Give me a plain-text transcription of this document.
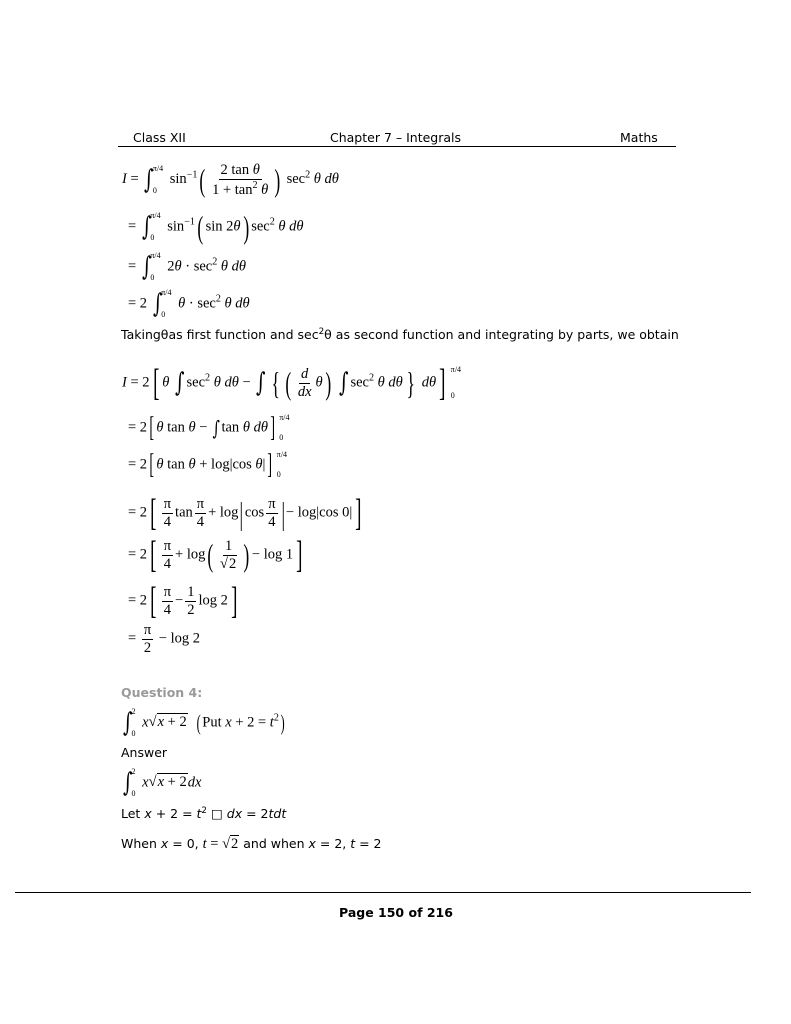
Class XII	Chapter 7 – Integrals	Maths
I = ∫ π/4
0
$\sin^{-1}( \frac{\text{2 tan θ}}{1 + \tan^2 \theta}$ ) $\sec^2 \theta$ dθ
= ∫ π/4
0
$\sin^{-1}$( sin 2θ) $\sec^2 \theta$ dθ
= ∫ π/4
0
$2\theta \cdot \sec^2 \theta$ dθ
= 2 ∫ π/4
0
$\theta \cdot \sec^2 \theta$ dθ
Takingθas first function and $\sec^2\theta$ as second function and integrating by parts, we obtain
I = 2[ θ ∫ $\sec^2 \theta$ dθ − ∫ { ( $\frac{d}{dx} \theta$) ∫ $\sec^2 \theta$ dθ } dθ] π/4
0
= 2[ θ tan θ − ∫ tan θ dθ] π/4
0
= 2[ θ tan θ + log|cos θ|] π/4
0
= $2[ \frac{\pi}{4}$ $\tan \frac{\pi}{4} + \log|\cos \frac{\pi}{4}$ |− log|cos 0|]
= $2[ \frac{\pi}{4} + \log( \frac{1}{√2}$ ) − log 1]
= $2[ \frac{\pi}{4} - \frac{1}{2}$ log 2]
= $\frac{\pi}{2} - \log 2$
Question 4:
∫ 2
0
x√x + 2 ( Put $x + 2 = t^2$)
Answer
∫ 2
0
x√x + 2dx
Let $x + 2 = t^2$ □ dx = 2tdt
When x = 0, t = √2 and when x = 2, t = 2
Page 150 of 216
